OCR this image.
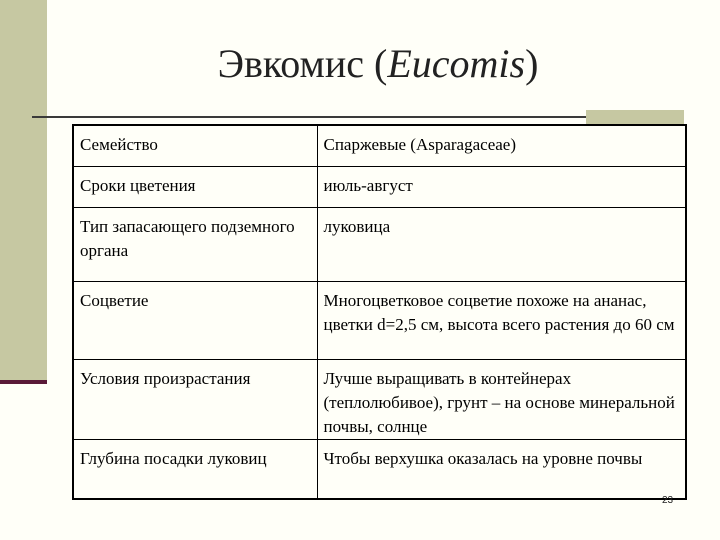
Эвкомис (Eucomis)
Семейство	Спаржевые (Asparagaceae)
Сроки цветения	июль-август
Тип запасающего подземного органа	луковица
Соцветие	Многоцветковое соцветие похоже на ананас, цветки d=2,5 см, высота всего растения до 60 см
Условия произрастания	Лучше выращивать в контейнерах (теплолюбивое), грунт – на основе минеральной почвы, солнце
Глубина посадки луковиц	Чтобы верхушка оказалась на уровне почвы
23
